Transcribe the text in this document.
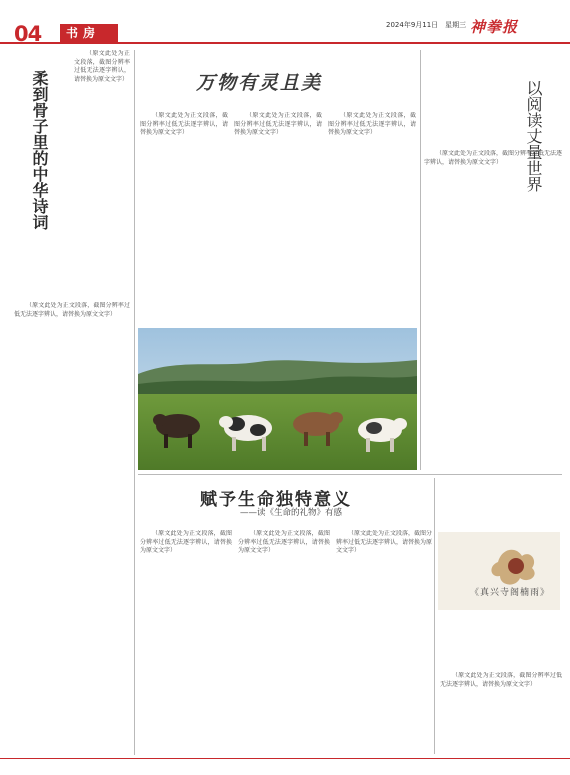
04 书房
2024年9月11日　星期三 神拳报
柔到骨子里的中华诗词

（原文此处为正文段落，截图分辨率过低无法逐字辨认，请替换为原文文字）

（原文此处为正文段落，截图分辨率过低无法逐字辨认，请替换为原文文字）

万物有灵且美

（原文此处为正文段落，截图分辨率过低无法逐字辨认，请替换为原文文字）

（原文此处为正文段落，截图分辨率过低无法逐字辨认，请替换为原文文字）

（原文此处为正文段落，截图分辨率过低无法逐字辨认，请替换为原文文字）	以阅读丈量世界

（原文此处为正文段落，截图分辨率过低无法逐字辨认，请替换为原文文字）

赋予生命独特意义
——读《生命的礼物》有感

（原文此处为正文段落，截图分辨率过低无法逐字辨认，请替换为原文文字）

（原文此处为正文段落，截图分辨率过低无法逐字辨认，请替换为原文文字）

（原文此处为正文段落，截图分辨率过低无法逐字辨认，请替换为原文文字）

《真兴寺阁楠雨》

（原文此处为正文段落，截图分辨率过低无法逐字辨认，请替换为原文文字）
